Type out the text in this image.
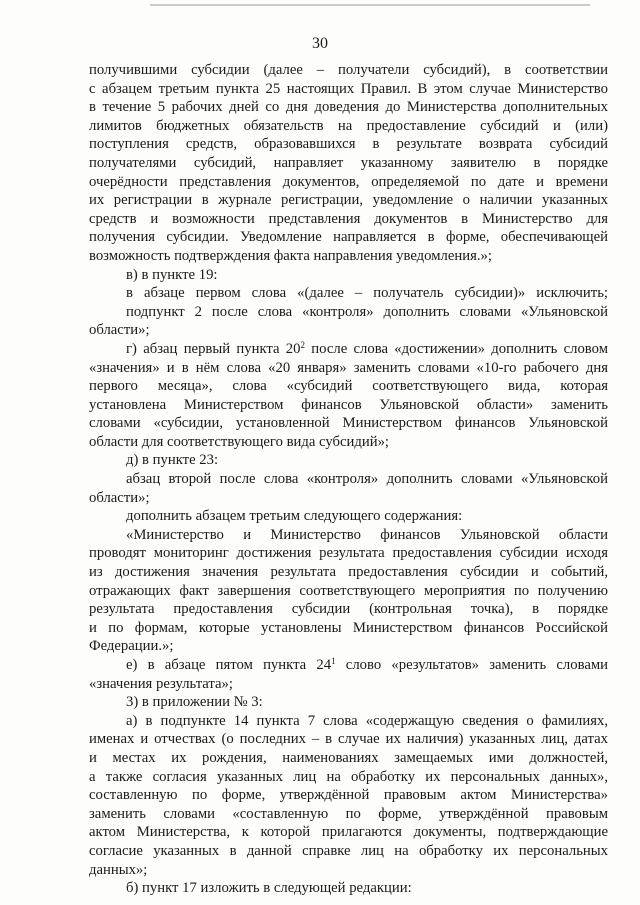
30
получившими субсидии (далее – получатели субсидий), в соответствии
с абзацем третьим пункта 25 настоящих Правил. В этом случае Министерство
в течение 5 рабочих дней со дня доведения до Министерства дополнительных
лимитов бюджетных обязательств на предоставление субсидий и (или)
поступления средств, образовавшихся в результате возврата субсидий
получателями субсидий, направляет указанному заявителю в порядке
очерёдности представления документов, определяемой по дате и времени
их регистрации в журнале регистрации, уведомление о наличии указанных
средств и возможности представления документов в Министерство для
получения субсидии. Уведомление направляется в форме, обеспечивающей
возможность подтверждения факта направления уведомления.»;
в) в пункте 19:
в абзаце первом слова «(далее – получатель субсидии)» исключить;
подпункт 2 после слова «контроля» дополнить словами «Ульяновской
области»;
г) абзац первый пункта $20^2$ после слова «достижении» дополнить словом
«значения» и в нём слова «20 января» заменить словами «10-го рабочего дня
первого месяца», слова «субсидий соответствующего вида, которая
установлена Министерством финансов Ульяновской области» заменить
словами «субсидии, установленной Министерством финансов Ульяновской
области для соответствующего вида субсидий»;
д) в пункте 23:
абзац второй после слова «контроля» дополнить словами «Ульяновской
области»;
дополнить абзацем третьим следующего содержания:
«Министерство и Министерство финансов Ульяновской области
проводят мониторинг достижения результата предоставления субсидии исходя
из достижения значения результата предоставления субсидии и событий,
отражающих факт завершения соответствующего мероприятия по получению
результата предоставления субсидии (контрольная точка), в порядке
и по формам, которые установлены Министерством финансов Российской
Федерации.»;
е) в абзаце пятом пункта $24^1$ слово «результатов» заменить словами
«значения результата»;
3) в приложении № 3:
а) в подпункте 14 пункта 7 слова «содержащую сведения о фамилиях,
именах и отчествах (о последних – в случае их наличия) указанных лиц, датах
и местах их рождения, наименованиях замещаемых ими должностей,
а также согласия указанных лиц на обработку их персональных данных»,
составленную по форме, утверждённой правовым актом Министерства»
заменить словами «составленную по форме, утверждённой правовым
актом Министерства, к которой прилагаются документы, подтверждающие
согласие указанных в данной справке лиц на обработку их персональных
данных»;
б) пункт 17 изложить в следующей редакции:
